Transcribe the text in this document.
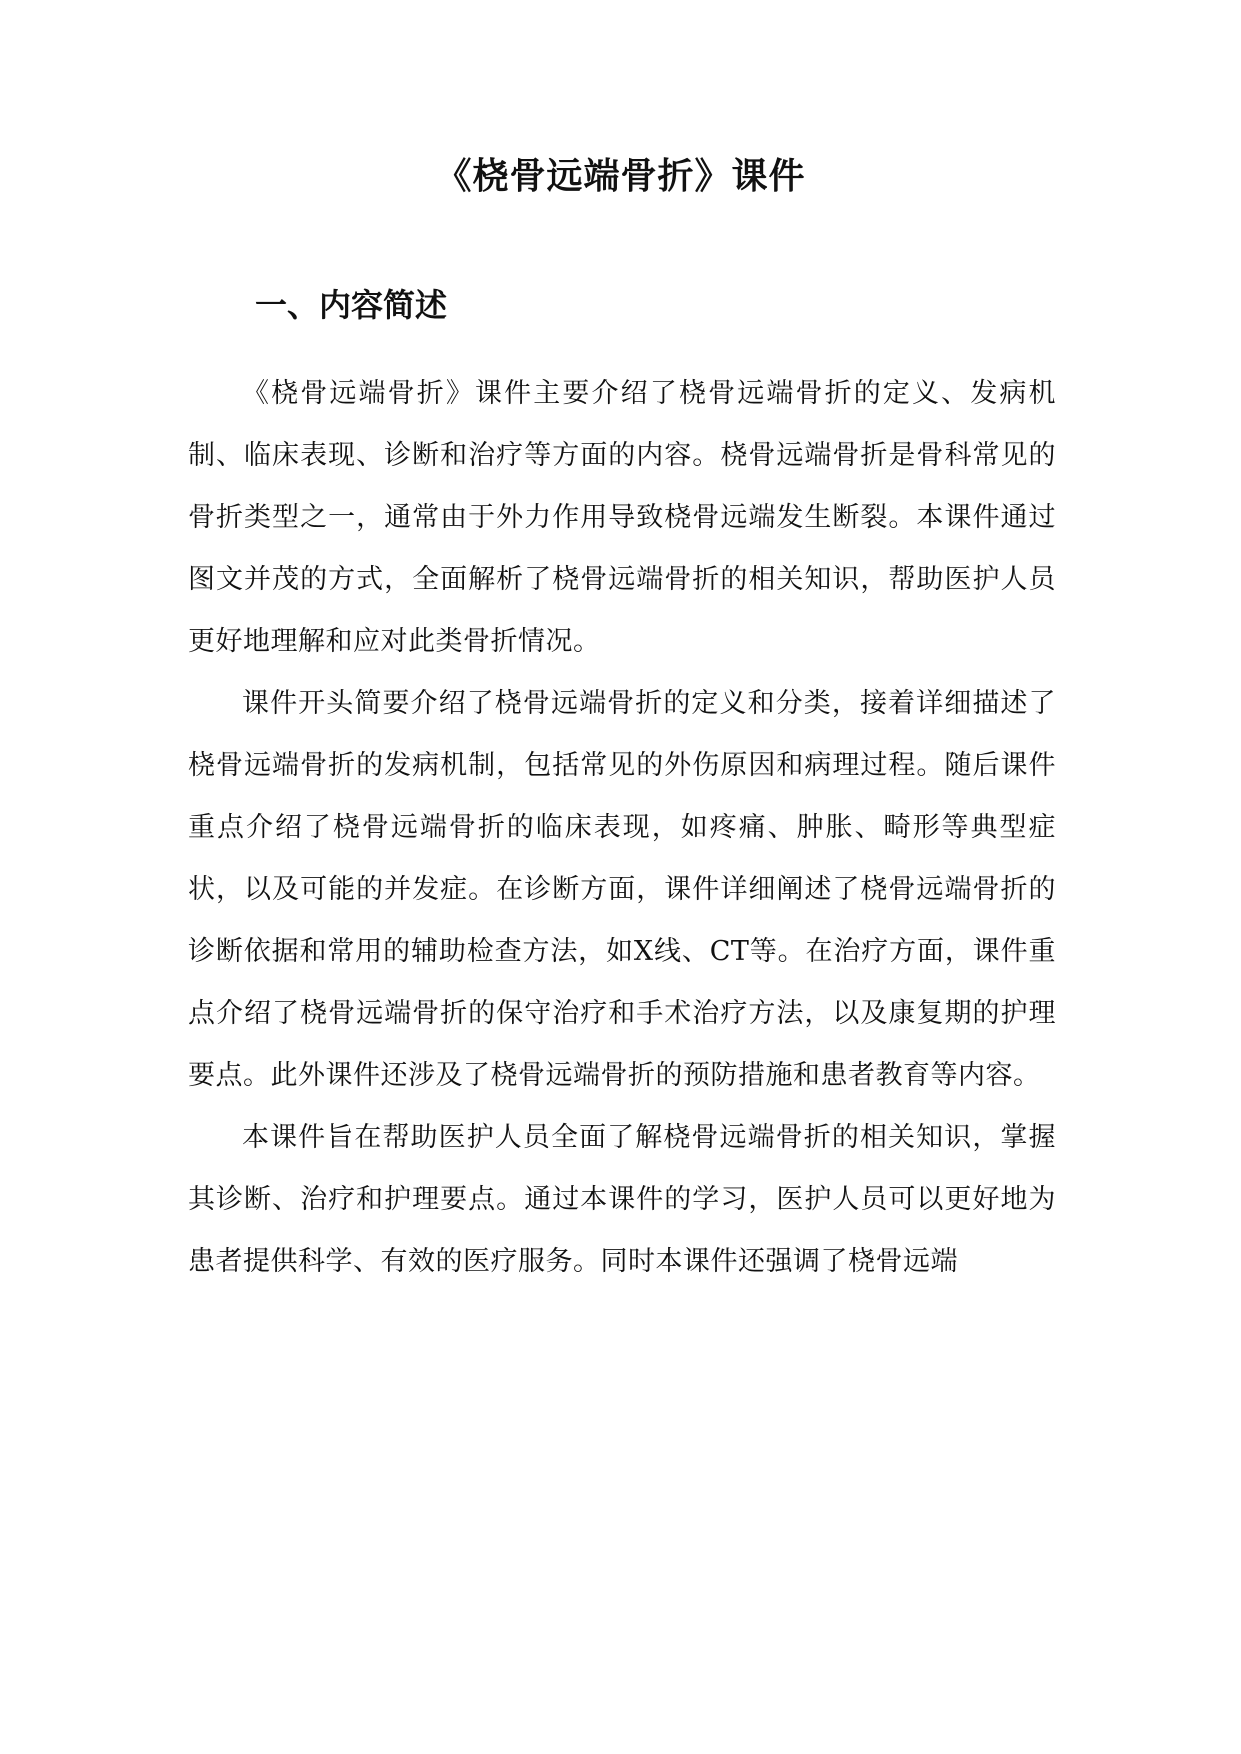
《桡骨远端骨折》课件
一、内容简述

《桡骨远端骨折》课件主要介绍了桡骨远端骨折的定义、发病机制、临床表现、诊断和治疗等方面的内容。桡骨远端骨折是骨科常见的骨折类型之一，通常由于外力作用导致桡骨远端发生断裂。本课件通过图文并茂的方式，全面解析了桡骨远端骨折的相关知识，帮助医护人员更好地理解和应对此类骨折情况。

课件开头简要介绍了桡骨远端骨折的定义和分类，接着详细描述了桡骨远端骨折的发病机制，包括常见的外伤原因和病理过程。随后课件重点介绍了桡骨远端骨折的临床表现，如疼痛、肿胀、畸形等典型症状，以及可能的并发症。在诊断方面，课件详细阐述了桡骨远端骨折的诊断依据和常用的辅助检查方法，如X线、CT等。在治疗方面，课件重点介绍了桡骨远端骨折的保守治疗和手术治疗方法，以及康复期的护理要点。此外课件还涉及了桡骨远端骨折的预防措施和患者教育等内容。

本课件旨在帮助医护人员全面了解桡骨远端骨折的相关知识，掌握其诊断、治疗和护理要点。通过本课件的学习，医护人员可以更好地为患者提供科学、有效的医疗服务。同时本课件还强调了桡骨远端
